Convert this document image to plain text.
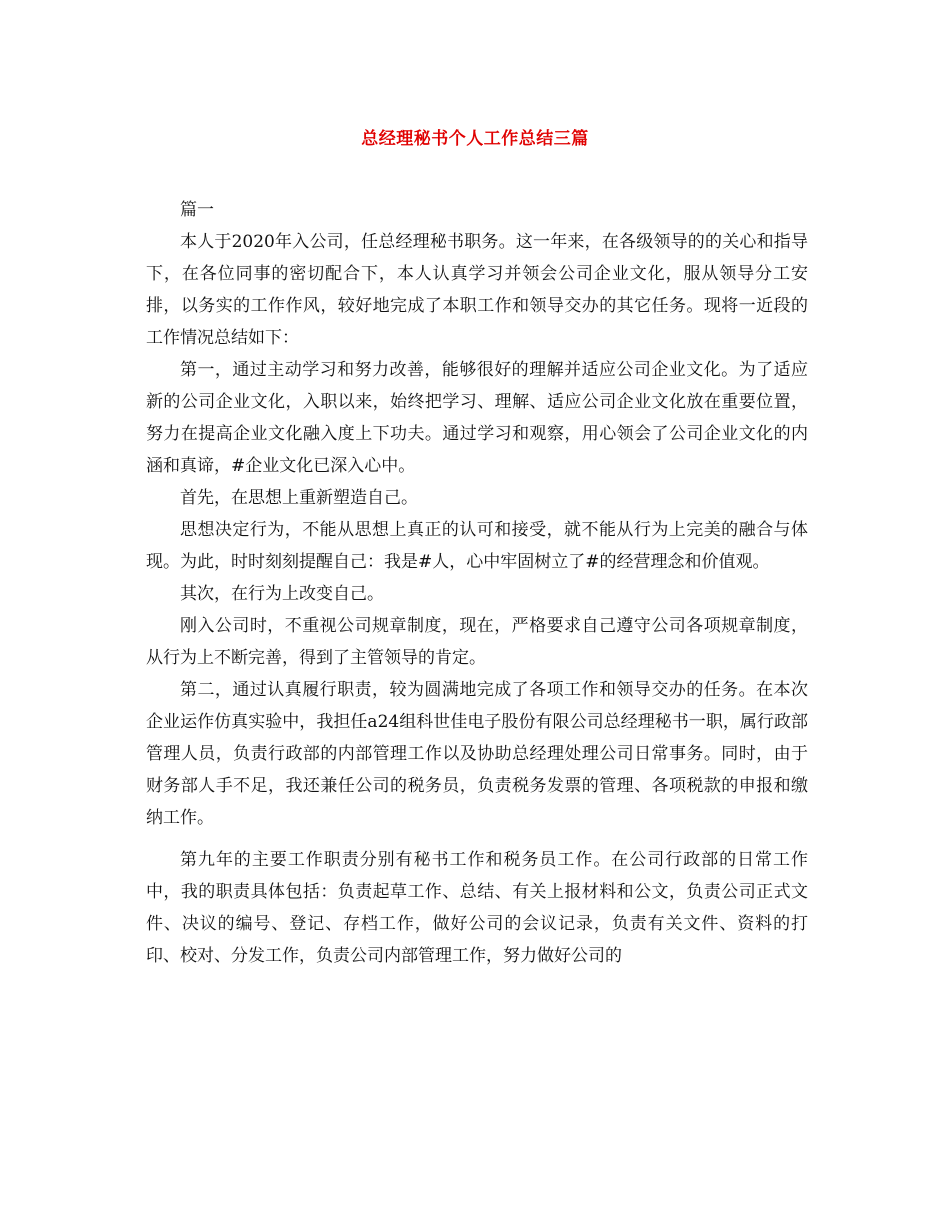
总经理秘书个人工作总结三篇

篇一

本人于2020年入公司，任总经理秘书职务。这一年来，在各级领导的的关心和指导下，在各位同事的密切配合下，本人认真学习并领会公司企业文化，服从领导分工安排，以务实的工作作风，较好地完成了本职工作和领导交办的其它任务。现将一近段的工作情况总结如下：

第一，通过主动学习和努力改善，能够很好的理解并适应公司企业文化。为了适应新的公司企业文化，入职以来，始终把学习、理解、适应公司企业文化放在重要位置，努力在提高企业文化融入度上下功夫。通过学习和观察，用心领会了公司企业文化的内涵和真谛，#企业文化已深入心中。

首先，在思想上重新塑造自己。

思想决定行为，不能从思想上真正的认可和接受，就不能从行为上完美的融合与体现。为此，时时刻刻提醒自己：我是#人，心中牢固树立了#的经营理念和价值观。

其次，在行为上改变自己。

刚入公司时，不重视公司规章制度，现在，严格要求自己遵守公司各项规章制度，从行为上不断完善，得到了主管领导的肯定。

第二，通过认真履行职责，较为圆满地完成了各项工作和领导交办的任务。在本次企业运作仿真实验中，我担任a24组科世佳电子股份有限公司总经理秘书一职，属行政部管理人员，负责行政部的内部管理工作以及协助总经理处理公司日常事务。同时，由于财务部人手不足，我还兼任公司的税务员，负责税务发票的管理、各项税款的申报和缴纳工作。

第九年的主要工作职责分别有秘书工作和税务员工作。在公司行政部的日常工作中，我的职责具体包括：负责起草工作、总结、有关上报材料和公文，负责公司正式文件、决议的编号、登记、存档工作，做好公司的会议记录，负责有关文件、资料的打印、校对、分发工作，负责公司内部管理工作，努力做好公司的
